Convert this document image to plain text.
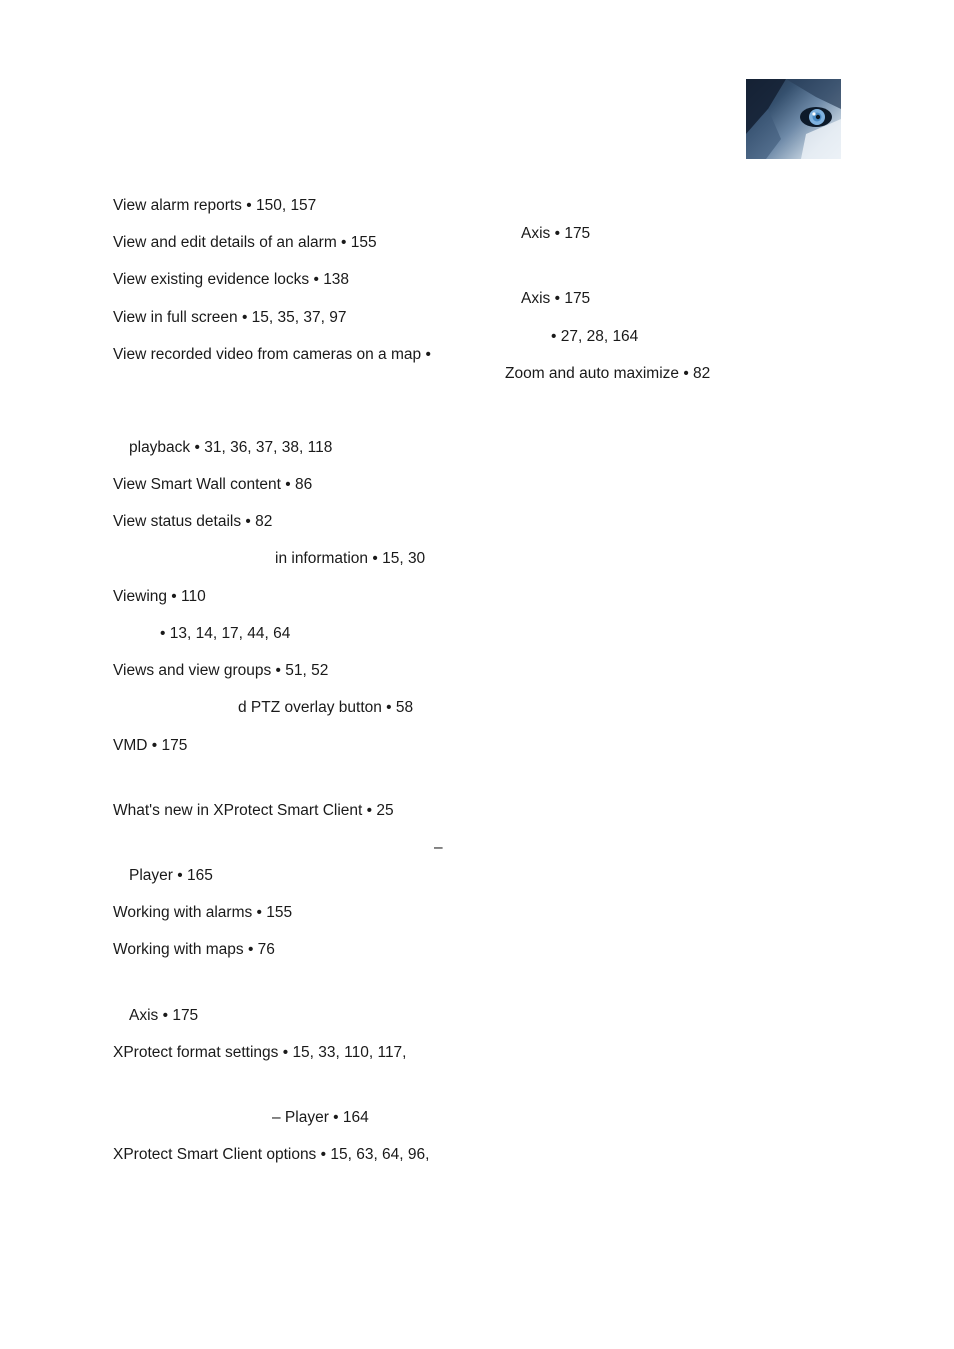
View alarm reports • 150, 157
View and edit details of an alarm • 155
View existing evidence locks • 138
View in full screen • 15, 35, 37, 97
View recorded video from cameras on a map •
playback • 31, 36, 37, 38, 118
View Smart Wall content • 86
View status details • 82
in information • 15, 30
Viewing • 110
• 13, 14, 17, 44, 64
Views and view groups • 51, 52
d PTZ overlay button • 58
VMD • 175
What's new in XProtect Smart Client • 25
–
Player • 165
Working with alarms • 155
Working with maps • 76
Axis • 175
XProtect format settings • 15, 33, 110, 117,
– Player • 164
XProtect Smart Client options • 15, 63, 64, 96,
Axis • 175
Axis • 175
• 27, 28, 164
Zoom and auto maximize • 82
